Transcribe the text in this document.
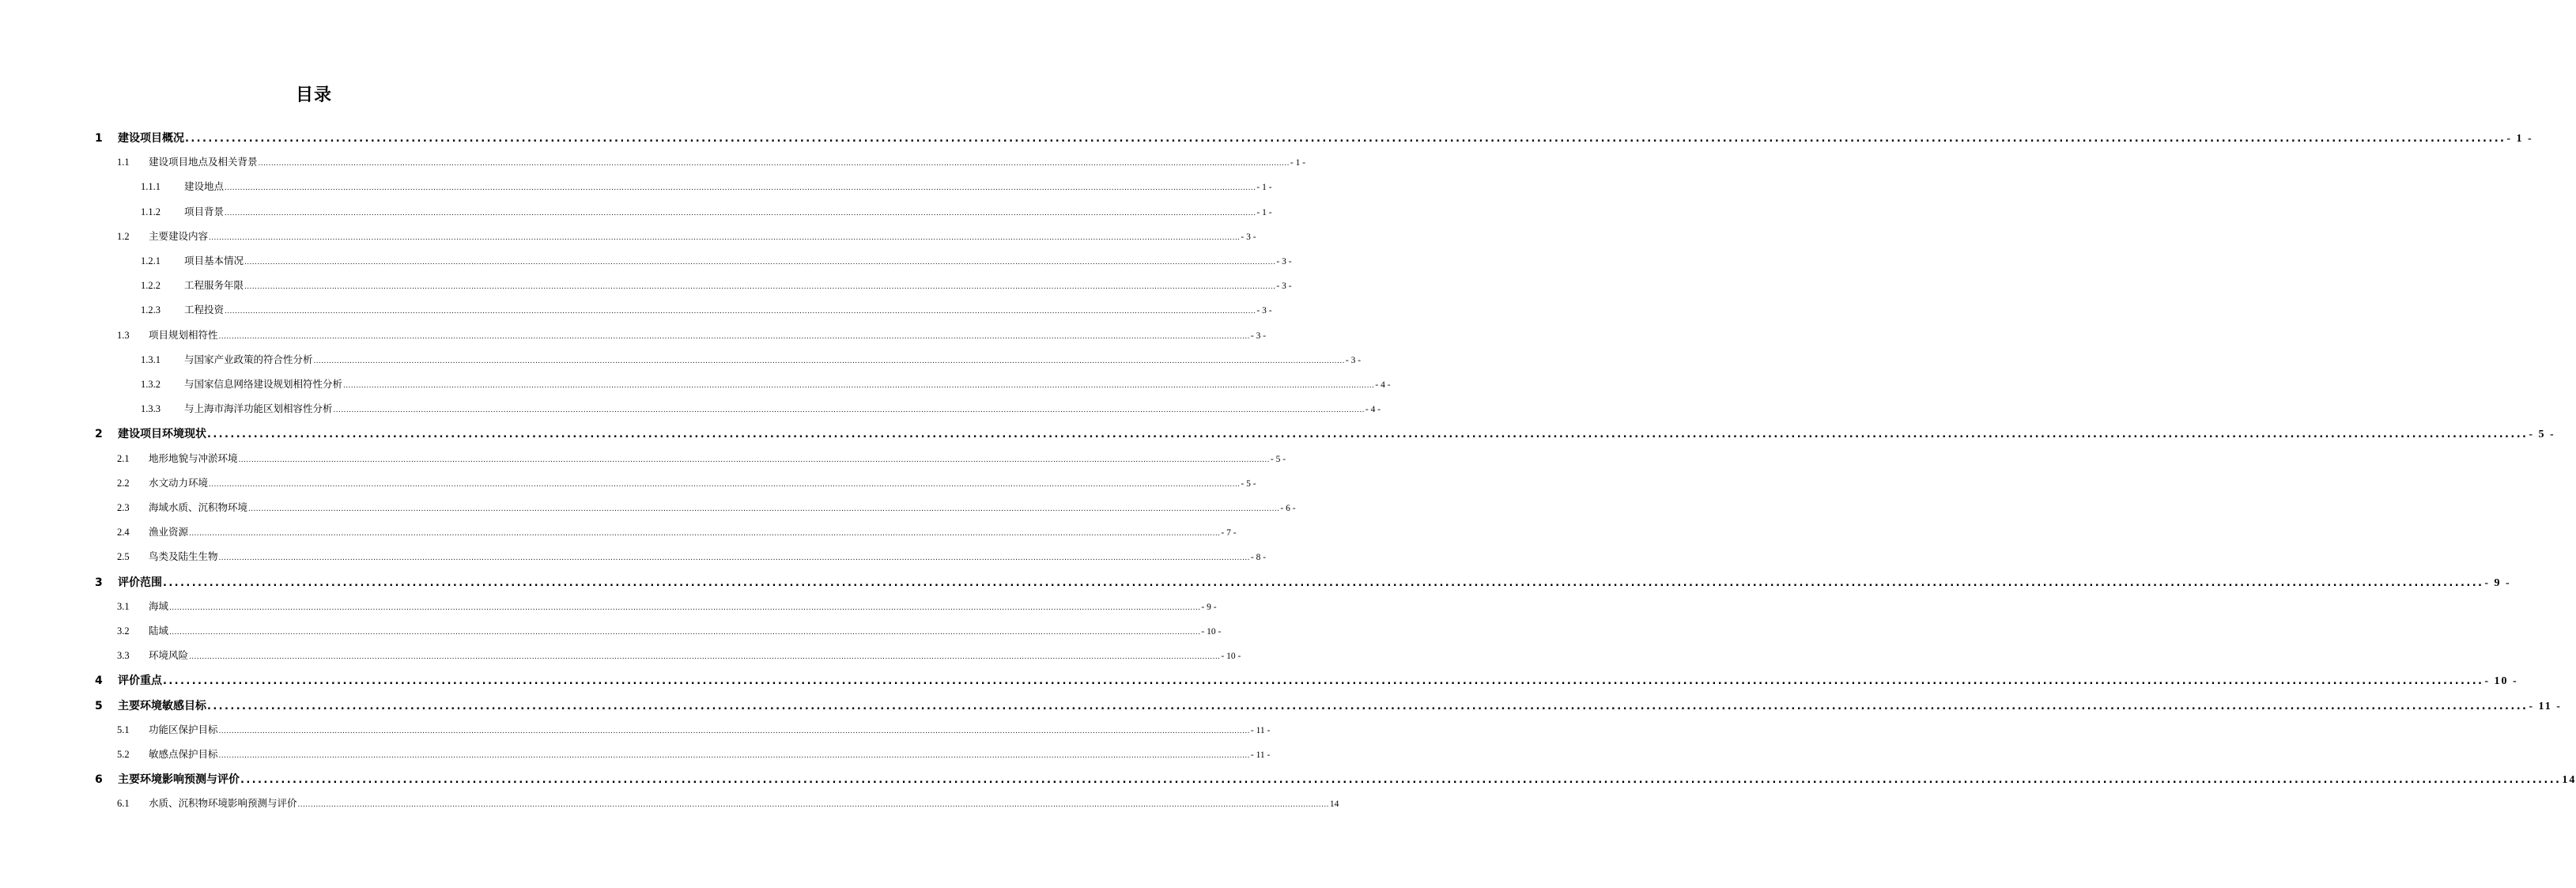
目录
1	建设项目概况 ................................................................................................................................................................................................................................................................................................................................................................................................................ - 1 -
1.1	建设项目地点及相关背景 ................................................................................................................................................................................................................................................................................................................................................................................................................ - 1 -
1.1.1	建设地点 ................................................................................................................................................................................................................................................................................................................................................................................................................ - 1 -
1.1.2	项目背景 ................................................................................................................................................................................................................................................................................................................................................................................................................ - 1 -
1.2	主要建设内容 ................................................................................................................................................................................................................................................................................................................................................................................................................ - 3 -
1.2.1	项目基本情况 ................................................................................................................................................................................................................................................................................................................................................................................................................ - 3 -
1.2.2	工程服务年限 ................................................................................................................................................................................................................................................................................................................................................................................................................ - 3 -
1.2.3	工程投资 ................................................................................................................................................................................................................................................................................................................................................................................................................ - 3 -
1.3	项目规划相符性 ................................................................................................................................................................................................................................................................................................................................................................................................................ - 3 -
1.3.1	与国家产业政策的符合性分析 ................................................................................................................................................................................................................................................................................................................................................................................................................ - 3 -
1.3.2	与国家信息网络建设规划相符性分析 ................................................................................................................................................................................................................................................................................................................................................................................................................ - 4 -
1.3.3	与上海市海洋功能区划相容性分析 ................................................................................................................................................................................................................................................................................................................................................................................................................ - 4 -
2	建设项目环境现状 ................................................................................................................................................................................................................................................................................................................................................................................................................ - 5 -
2.1	地形地貌与冲淤环境 ................................................................................................................................................................................................................................................................................................................................................................................................................ - 5 -
2.2	水文动力环境 ................................................................................................................................................................................................................................................................................................................................................................................................................ - 5 -
2.3	海域水质、沉积物环境 ................................................................................................................................................................................................................................................................................................................................................................................................................ - 6 -
2.4	渔业资源 ................................................................................................................................................................................................................................................................................................................................................................................................................ - 7 -
2.5	鸟类及陆生生物 ................................................................................................................................................................................................................................................................................................................................................................................................................ - 8 -
3	评价范围 ................................................................................................................................................................................................................................................................................................................................................................................................................ - 9 -
3.1	海域 ................................................................................................................................................................................................................................................................................................................................................................................................................ - 9 -
3.2	陆域 ................................................................................................................................................................................................................................................................................................................................................................................................................ - 10 -
3.3	环境风险 ................................................................................................................................................................................................................................................................................................................................................................................................................ - 10 -
4	评价重点 ................................................................................................................................................................................................................................................................................................................................................................................................................ - 10 -
5	主要环境敏感目标 ................................................................................................................................................................................................................................................................................................................................................................................................................ - 11 -
5.1	功能区保护目标 ................................................................................................................................................................................................................................................................................................................................................................................................................ - 11 -
5.2	敏感点保护目标 ................................................................................................................................................................................................................................................................................................................................................................................................................ - 11 -
6	主要环境影响预测与评价 ................................................................................................................................................................................................................................................................................................................................................................................................................ 14
6.1	水质、沉积物环境影响预测与评价 ................................................................................................................................................................................................................................................................................................................................................................................................................ 14
